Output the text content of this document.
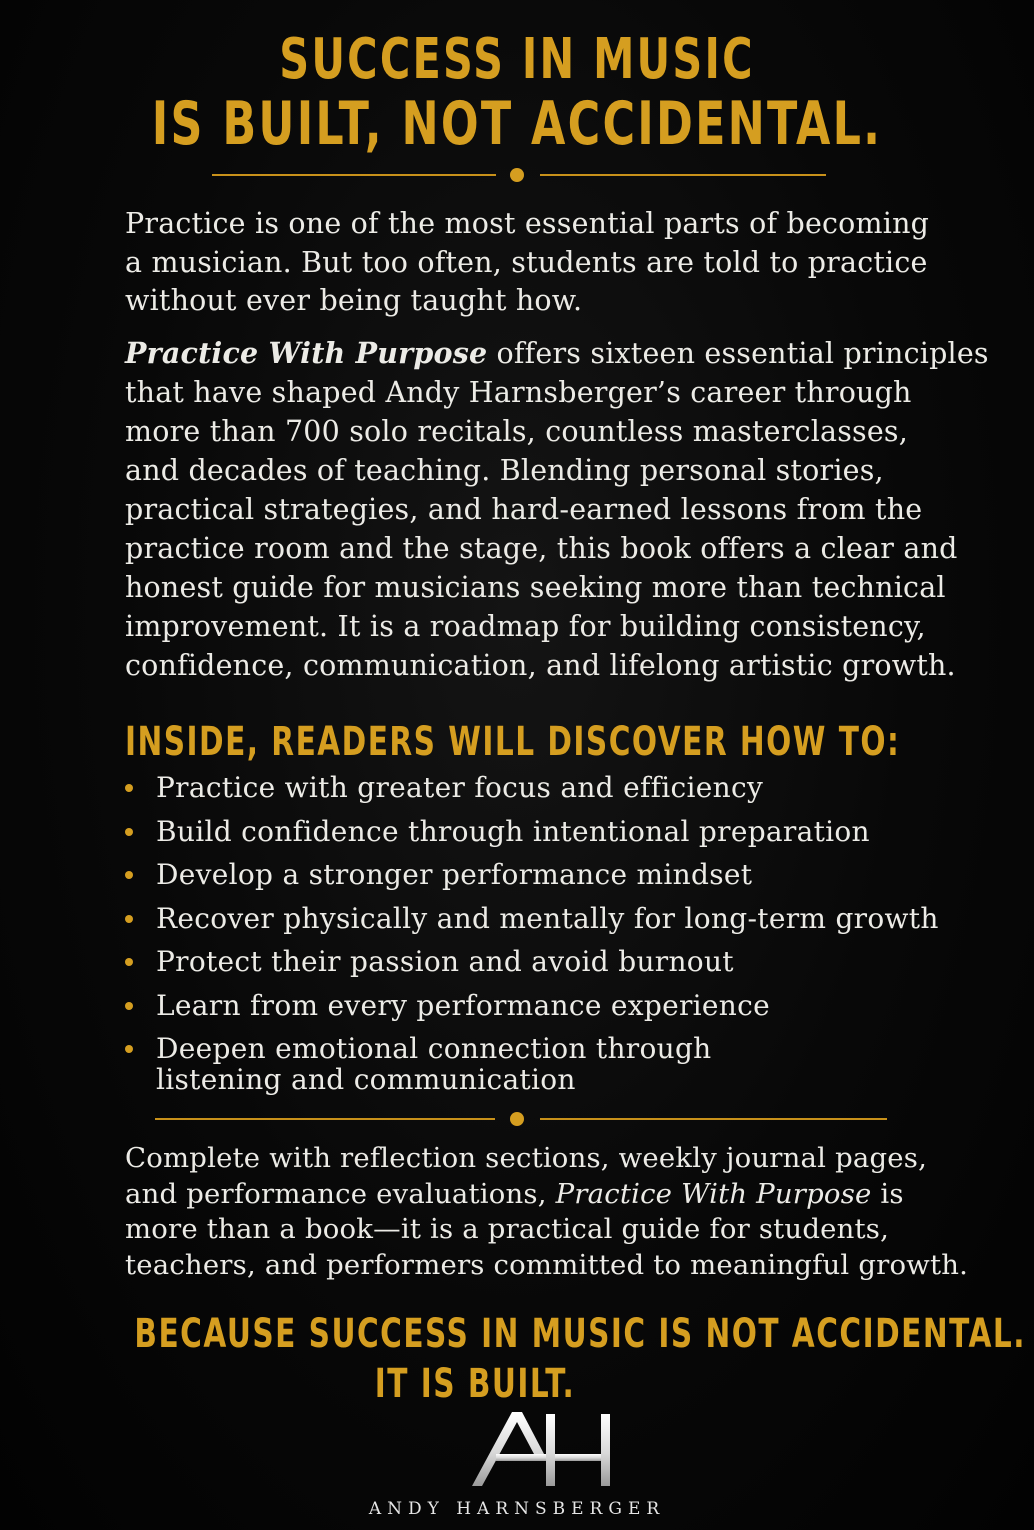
SUCCESS IN MUSIC
IS BUILT, NOT ACCIDENTAL.
Practice is one of the most essential parts of becoming
a musician. But too often, students are told to practice
without ever being taught how.
Practice With Purpose offers sixteen essential principles
that have shaped Andy Harnsberger’s career through
more than 700 solo recitals, countless masterclasses,
and decades of teaching. Blending personal stories,
practical strategies, and hard-earned lessons from the
practice room and the stage, this book offers a clear and
honest guide for musicians seeking more than technical
improvement. It is a roadmap for building consistency,
confidence, communication, and lifelong artistic growth.
INSIDE, READERS WILL DISCOVER HOW TO:
Practice with greater focus and efficiency
Build confidence through intentional preparation
Develop a stronger performance mindset
Recover physically and mentally for long-term growth
Protect their passion and avoid burnout
Learn from every performance experience
Deepen emotional connection through
listening and communication
Complete with reflection sections, weekly journal pages,
and performance evaluations, Practice With Purpose is
more than a book—it is a practical guide for students,
teachers, and performers committed to meaningful growth.
BECAUSE SUCCESS IN MUSIC IS NOT ACCIDENTAL.
IT IS BUILT.
ANDY HARNSBERGER
